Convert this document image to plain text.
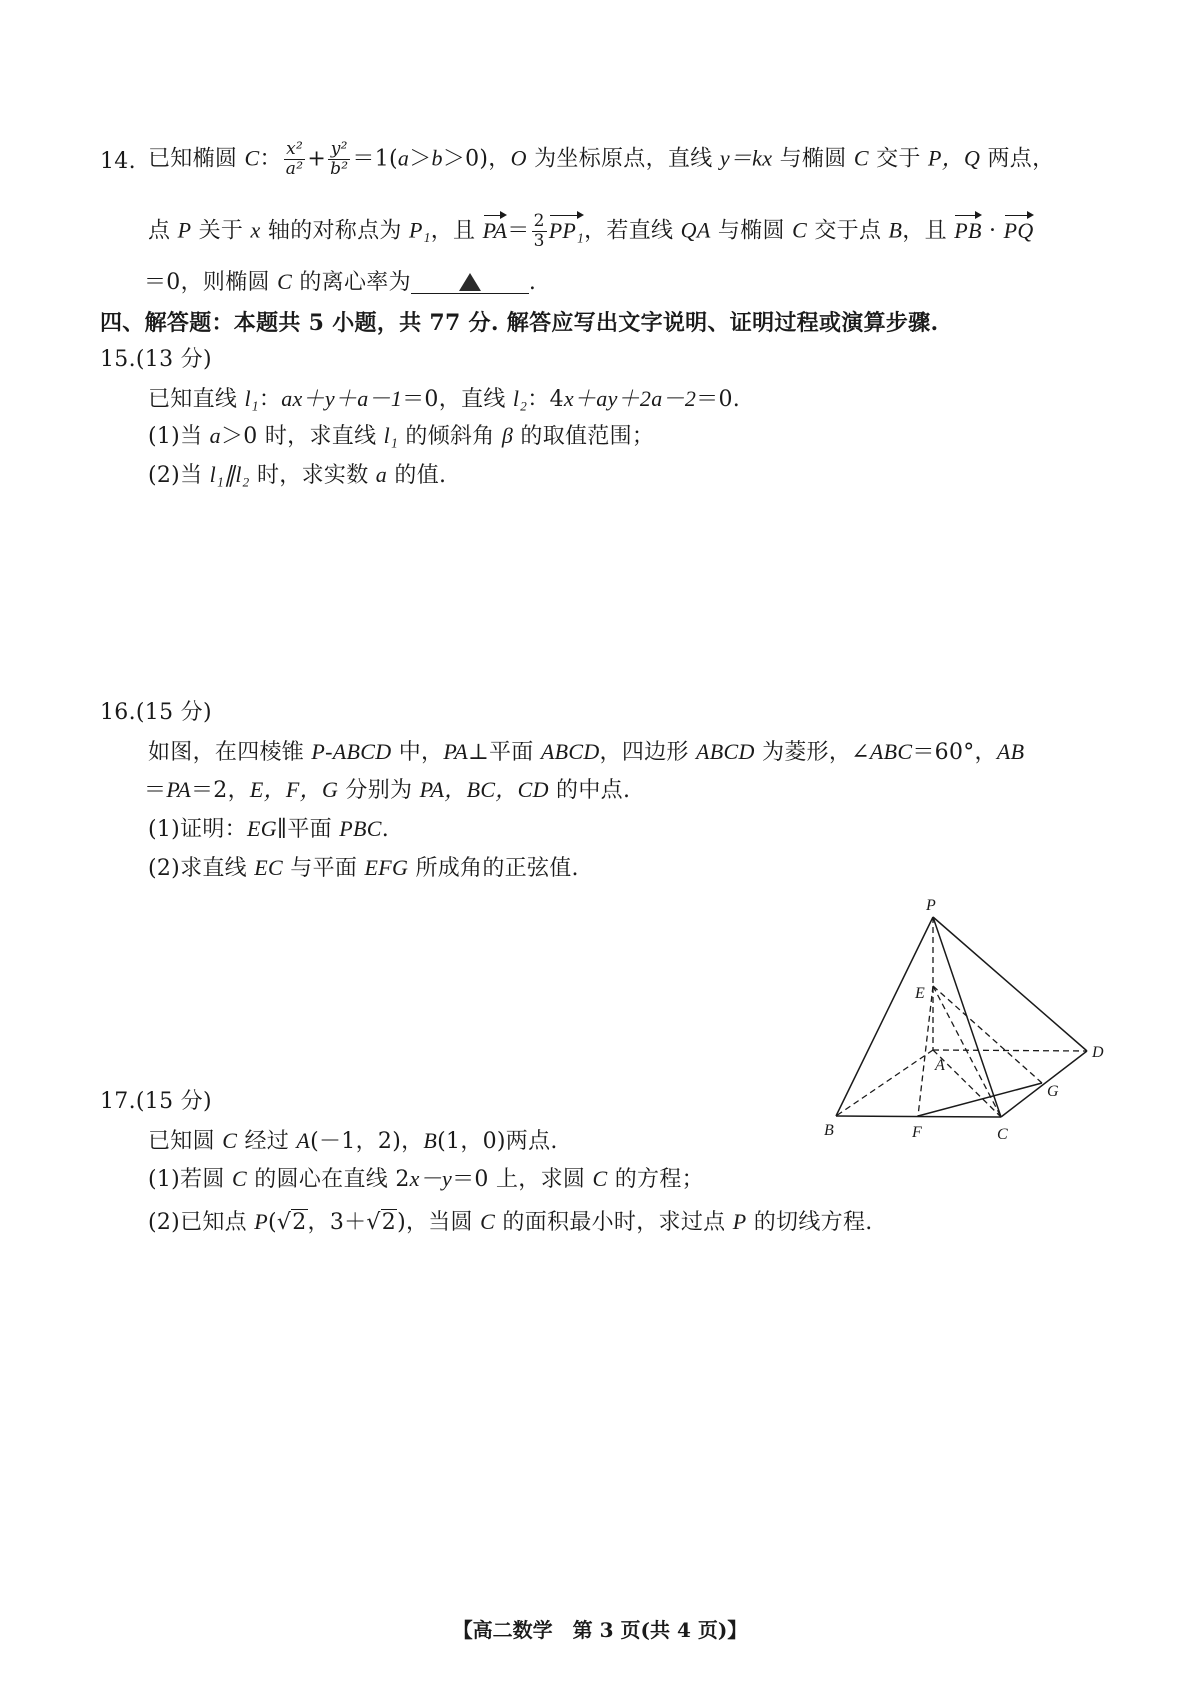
14. 已知椭圆 C： $\frac{\text{x²}}{\text{a²}} + \frac{\text{y²}}{\text{b²}} =1(a>b>0)$，O 为坐标原点，直线 y＝kx 与椭圆 C 交于 P，Q 两点，
点 P 关于 x 轴的对称点为 P₁，且 $PA= \frac{2}{3} PP_1$，若直线 QA 与椭圆 C 交于点 B，且 PB · PQ
＝0，则椭圆 C 的离心率为	.
四、解答题：本题共 5 小题，共 77 分. 解答应写出文字说明、证明过程或演算步骤.
15.(13 分)
已知直线 l₁：ax＋y＋a－1＝0，直线 l₂：4x＋ay＋2a－2＝0.
(1)当 a＞0 时，求直线 l₁ 的倾斜角 β 的取值范围；
(2)当 l₁∥l₂ 时，求实数 a 的值.
16.(15 分)
如图，在四棱锥 P-ABCD 中，PA⊥平面 ABCD，四边形 ABCD 为菱形，∠ABC＝60°，AB
＝PA＝2，E，F，G 分别为 PA，BC，CD 的中点.
(1)证明：EG∥平面 PBC.
(2)求直线 EC 与平面 EFG 所成角的正弦值.
P
E
A
D
G
B	F	C
17.(15 分)
已知圆 C 经过 A(－1，2)，B(1，0)两点.
(1)若圆 C 的圆心在直线 2x－y＝0 上，求圆 C 的方程；
(2)已知点 P(√2，3＋√2)，当圆 C 的面积最小时，求过点 P 的切线方程.
【高二数学　第 3 页(共 4 页)】
